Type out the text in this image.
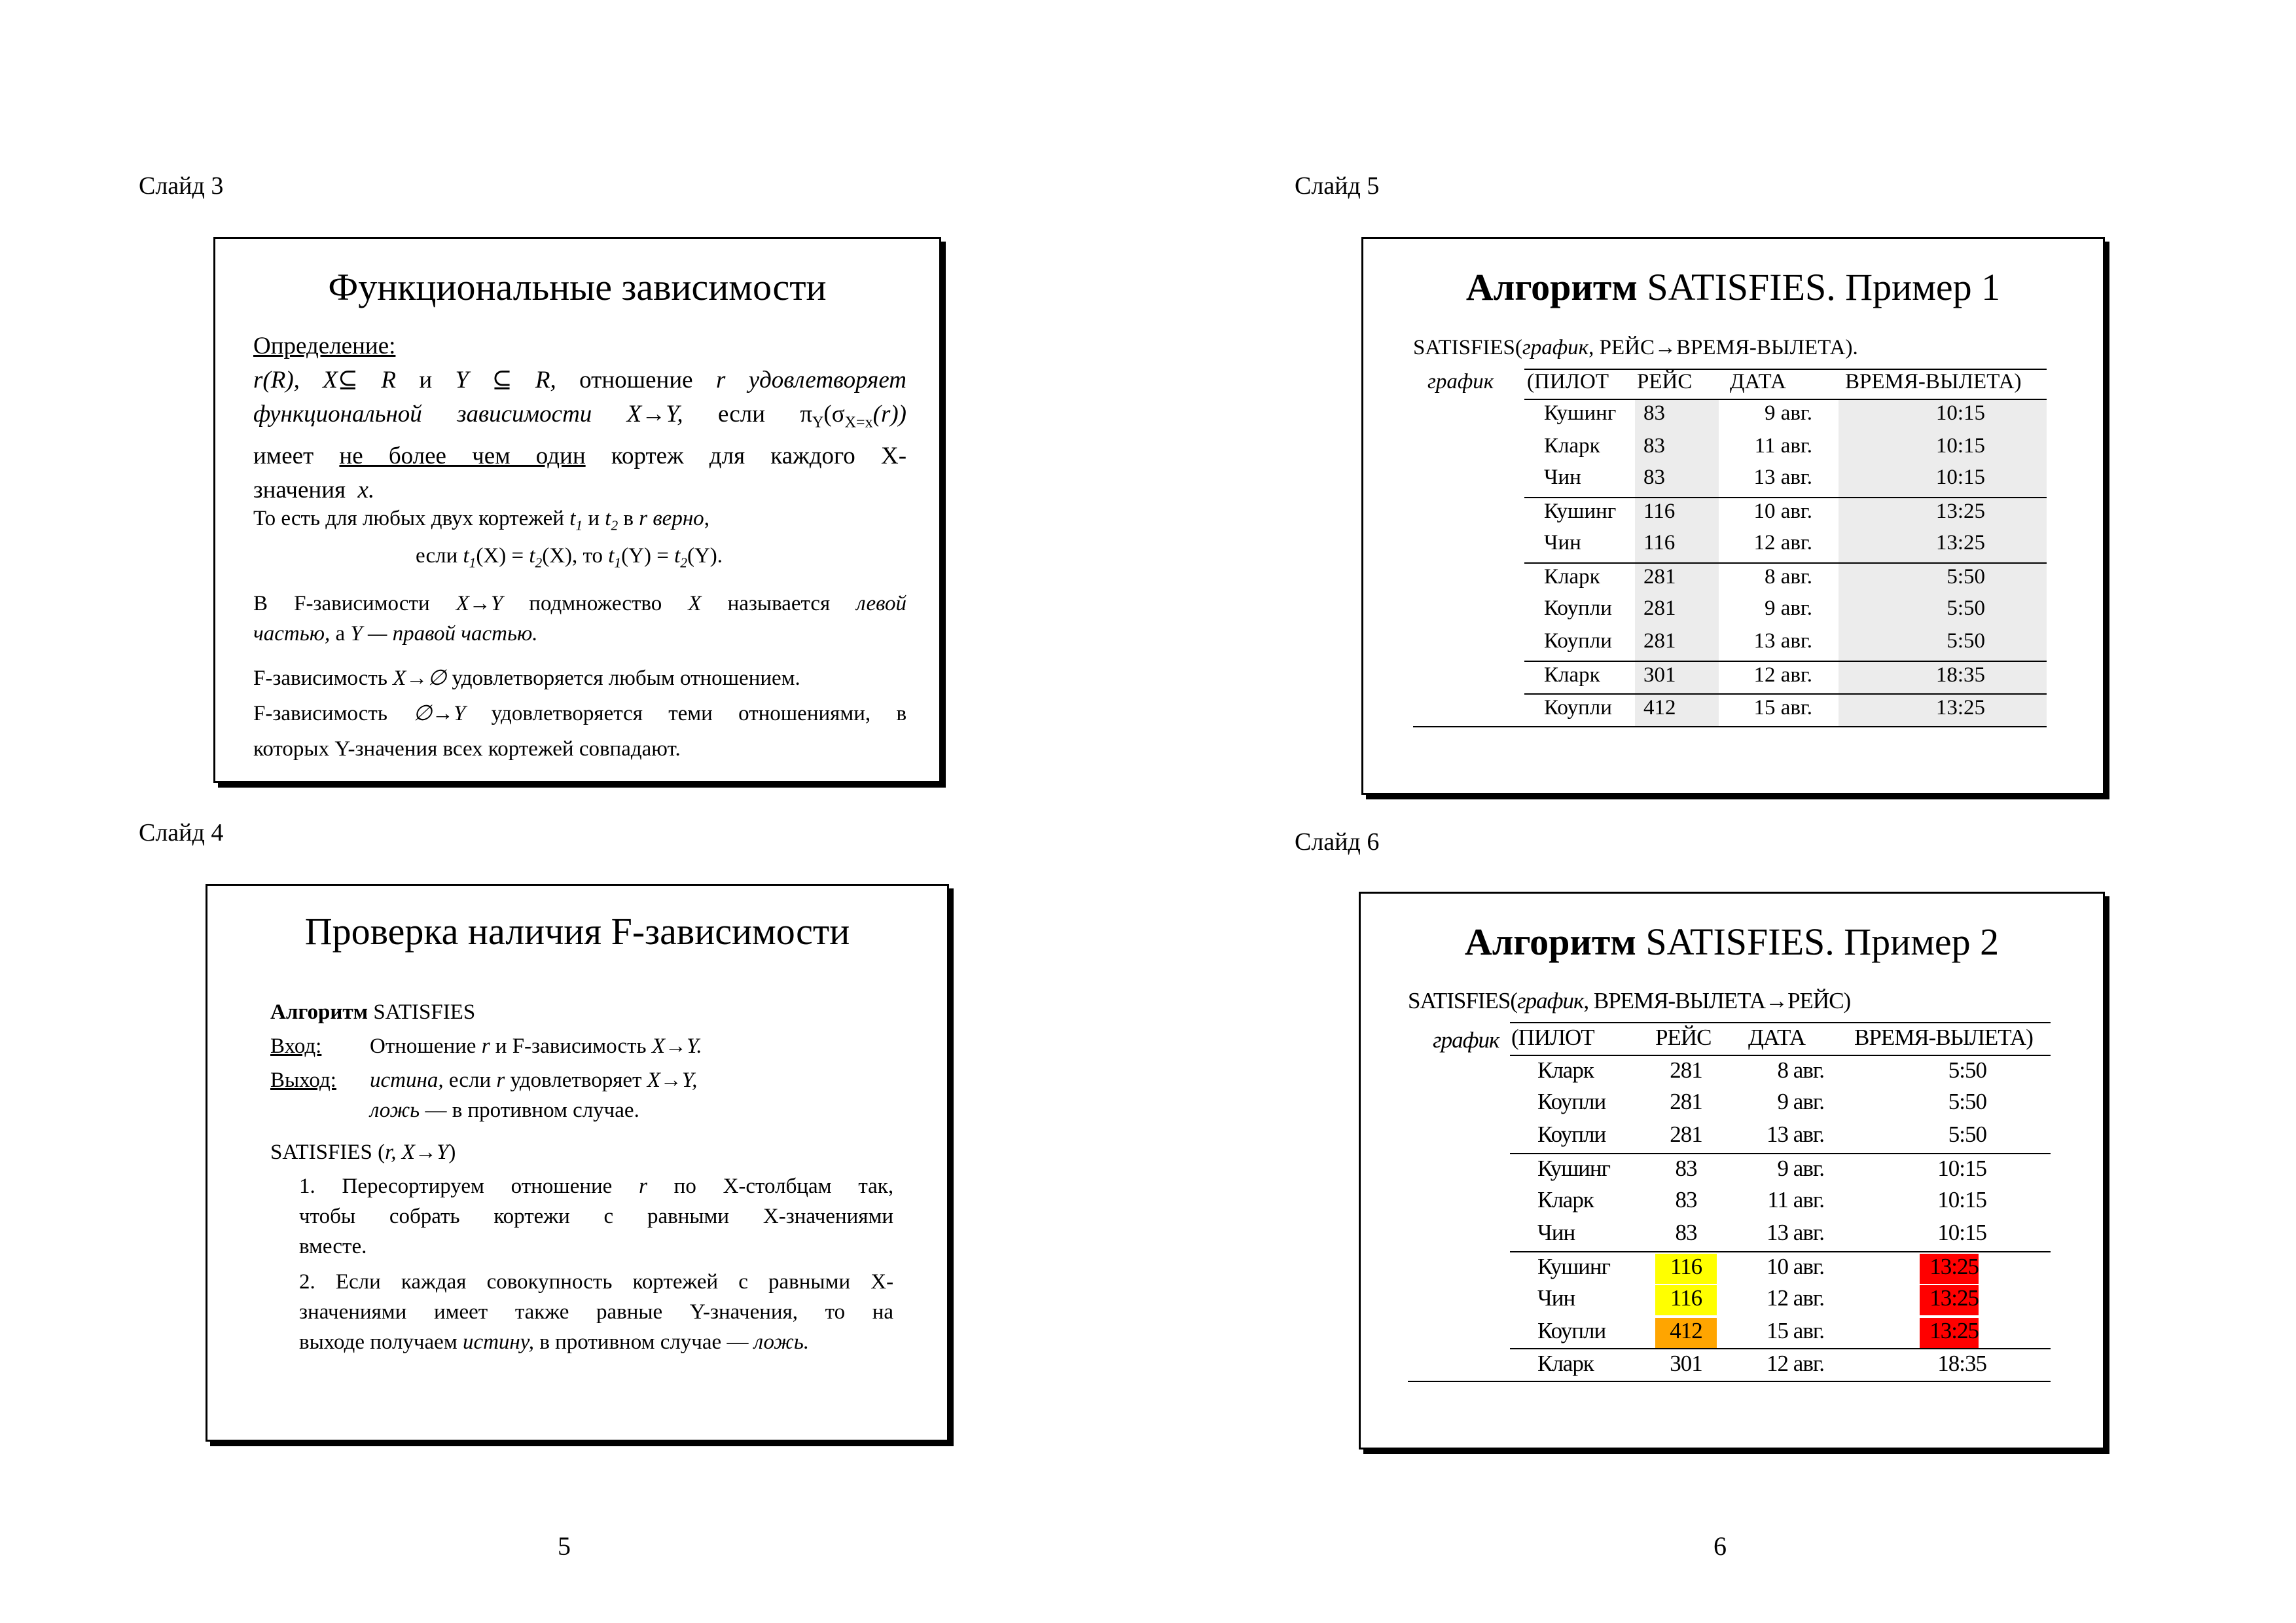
Слайд 3
Слайд 4
Слайд 5
Слайд 6
5	6
Функциональные зависимости
Определение:
r(R), X⊆ R и Y ⊆ R, отношение r удовлетворяет
функциональной зависимости X→Y, если $\pi_Y(\sigma_{X=x}(r))$
имеет не более чем один кортеж для каждого X-
значения x.
То есть для любых двух кортежей $t_1$ и $t_2$ в r верно,
если $t_1(X) = t_2(X)$, то $t_1(Y) = t_2(Y)$.
В F-зависимости X→Y подмножество X называется левой
частью, а Y — правой частью.
F-зависимость X→∅ удовлетворяется любым отношением.
F-зависимость ∅→Y удовлетворяется теми отношениями, в
которых Y-значения всех кортежей совпадают.
Проверка наличия F-зависимости
Алгоритм SATISFIES
Вход: Отношение r и F-зависимость X→Y.
Выход: истина, если r удовлетворяет X→Y,
ложь — в противном случае.
SATISFIES (r, X→Y)
1. Пересортируем отношение r по X-столбцам так,
чтобы собрать кортежи с равными X-значениями
вместе.
2. Если каждая совокупность кортежей с равными X-
значениями имеет также равные Y-значения, то на
выходе получаем истину, в противном случае — ложь.
Алгоритм SATISFIES. Пример 1
SATISFIES(график, РЕЙС→ВРЕМЯ-ВЫЛЕТА).
график (ПИЛОТ РЕЙС ДАТА	ВРЕМЯ-ВЫЛЕТА)
Кушинг 83	9 авг.	10:15
Кларк 83	11 авг.	10:15
Чин	83	13 авг.	10:15
Кушинг 116	10 авг.	13:25
Чин	116	12 авг.	13:25
Кларк 281	8 авг.	5:50
Коупли 281	9 авг.	5:50
Коупли 281	13 авг.	5:50
Кларк 301	12 авг.	18:35
Коупли 412	15 авг.	13:25
Алгоритм SATISFIES. Пример 2
SATISFIES(график, ВРЕМЯ-ВЫЛЕТА→РЕЙС)
график (ПИЛОТ	РЕЙС ДАТА ВРЕМЯ-ВЫЛЕТА)
Кларк	281	8 авг.	5:50
Коупли	281	9 авг.	5:50
Коупли	281	13 авг.	5:50
Кушинг	83	9 авг.	10:15
Кларк	83	11 авг.	10:15
Чин	83	13 авг.	10:15
Кушинг	116	10 авг.	13:25
Чин	116	12 авг.	13:25
Коупли	412	15 авг.	13:25
Кларк	301	12 авг.	18:35
